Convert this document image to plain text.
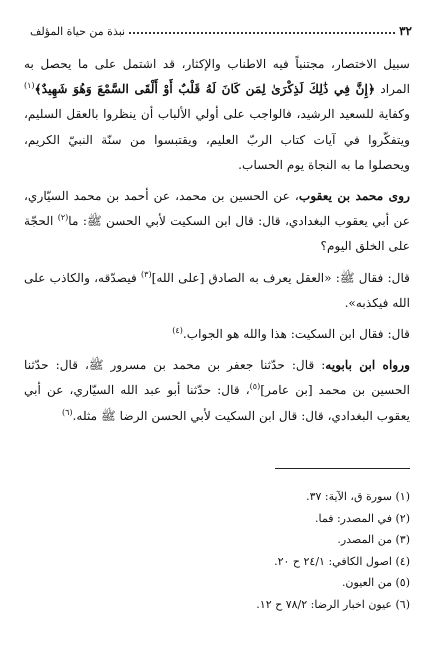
٣٢
نبذة من حياة المؤلف

سبيل الاختصار، مجتنباً فيه الاطناب والإكثار، قد اشتمل على ما يحصل به المراد ﴿إِنَّ فِي ذَٰلِكَ لَذِكْرَىٰ لِمَن كَانَ لَهُ قَلْبٌ أَوْ أَلْقَى السَّمْعَ وَهُوَ شَهِيدٌ﴾$^{(١)}$ وكفاية للسعيد الرشيد، فالواجب على أولي الألباب أن ينظروا بالعقل السليم، ويتفكّروا في آيات كتاب الربّ العليم، ويقتبسوا من سنّة النبيّ الكريم، ويحصلوا ما به النجاة يوم الحساب.

روى محمد بن يعقوب، عن الحسين بن محمد، عن أحمد بن محمد السيّاري، عن أبي يعقوب البغدادي، قال: قال ابن السكيت لأبي الحسن ﷺ: ما$^{(٢)}$ الحجّة على الخلق اليوم؟

قال: فقال ﷺ: «العقل يعرف به الصادق [على الله]$^{(٣)}$ فيصدّقه، والكاذب على الله فيكذبه».

قال: فقال ابن السكيت: هذا والله هو الجواب.$^{(٤)}$

ورواه ابن بابويه: قال: حدّثنا جعفر بن محمد بن مسرور ﷺ، قال: حدّثنا الحسين بن محمد [بن عامر]$^{(٥)}$، قال: حدّثنا أبو عبد الله السيّاري، عن أبي يعقوب البغدادي، قال: قال ابن السكيت لأبي الحسن الرضا ﷺ مثله.$^{(٦)}$

(١) سورة ق، الآية: ٣٧.

(٢) في المصدر: فما.

(٣) من المصدر.

(٤) اصول الكافي: ٢٤/١ ح ٢٠.

(٥) من العيون.

(٦) عيون اخبار الرضا: ٧٨/٢ ح ١٢.
